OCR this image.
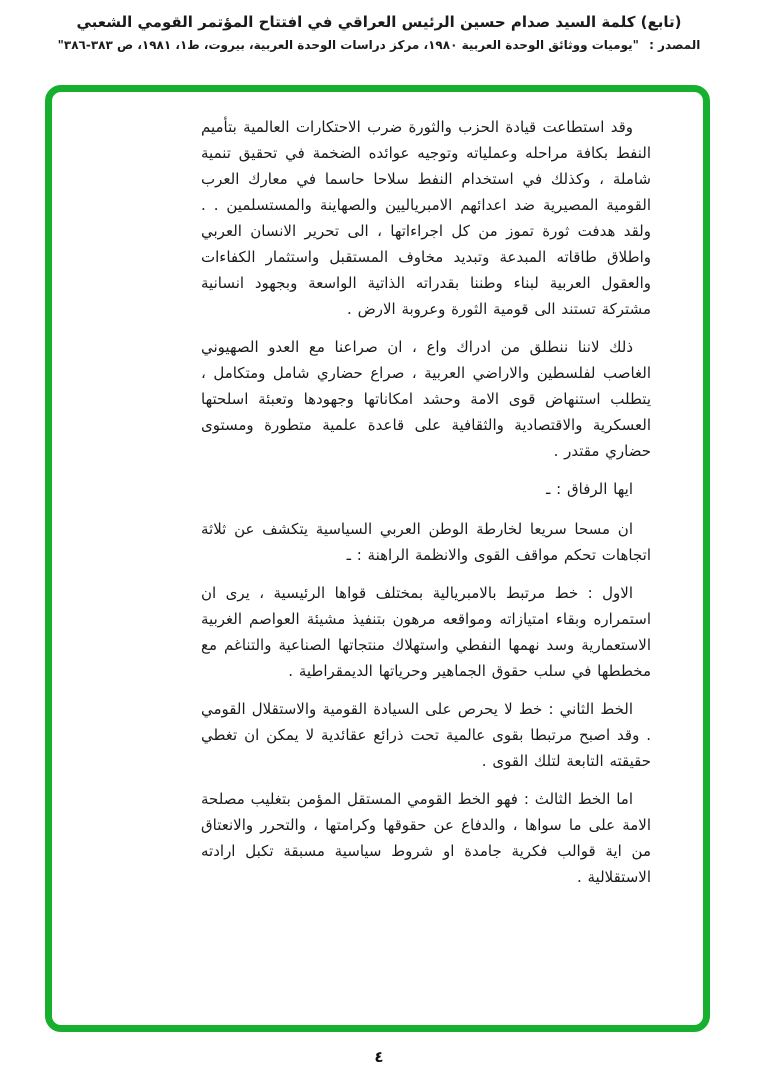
(تابع) كلمة السيد صدام حسين الرئيس العراقي في افتتاح المؤتمر القومي الشعبي

المصدر : "يوميات ووثائق الوحدة العربية ١٩٨٠، مركز دراسات الوحدة العربية، بيروت، ط١، ١٩٨١، ص ٣٨٣-٣٨٦"

وقد استطاعت قيادة الحزب والثورة ضرب الاحتكارات العالمية بتأميم النفط بكافة مراحله وعملياته وتوجيه عوائده الضخمة في تحقيق تنمية شاملة ، وكذلك في استخدام النفط سلاحا حاسما في معارك العرب القومية المصيرية ضد اعدائهم الامبرياليين والصهاينة والمستسلمين . . ولقد هدفت ثورة تموز من كل اجراءاتها ، الى تحرير الانسان العربي واطلاق طاقاته المبدعة وتبديد مخاوف المستقبل واستثمار الكفاءات والعقول العربية لبناء وطننا بقدراته الذاتية الواسعة وبجهود انسانية مشتركة تستند الى قومية الثورة وعروبة الارض .

ذلك لاننا ننطلق من ادراك واع ، ان صراعنا مع العدو الصهيوني الغاصب لفلسطين والاراضي العربية ، صراع حضاري شامل ومتكامل ، يتطلب استنهاض قوى الامة وحشد امكاناتها وجهودها وتعبئة اسلحتها العسكرية والاقتصادية والثقافية على قاعدة علمية متطورة ومستوى حضاري مقتدر .

ايها الرفاق : ـ

ان مسحا سريعا لخارطة الوطن العربي السياسية يتكشف عن ثلاثة اتجاهات تحكم مواقف القوى والانظمة الراهنة : ـ

الاول : خط مرتبط بالامبريالية بمختلف قواها الرئيسية ، يرى ان استمراره وبقاء امتيازاته ومواقعه مرهون بتنفيذ مشيئة العواصم الغربية الاستعمارية وسد نهمها النفطي واستهلاك منتجاتها الصناعية والتناغم مع مخططها في سلب حقوق الجماهير وحرياتها الديمقراطية .

الخط الثاني : خط لا يحرص على السيادة القومية والاستقلال القومي . وقد اصبح مرتبطا بقوى عالمية تحت ذرائع عقائدية لا يمكن ان تغطي حقيقته التابعة لتلك القوى .

اما الخط الثالث : فهو الخط القومي المستقل المؤمن بتغليب مصلحة الامة على ما سواها ، والدفاع عن حقوقها وكرامتها ، والتحرر والانعتاق من اية قوالب فكرية جامدة او شروط سياسية مسبقة تكبل ارادته الاستقلالية .

٤
